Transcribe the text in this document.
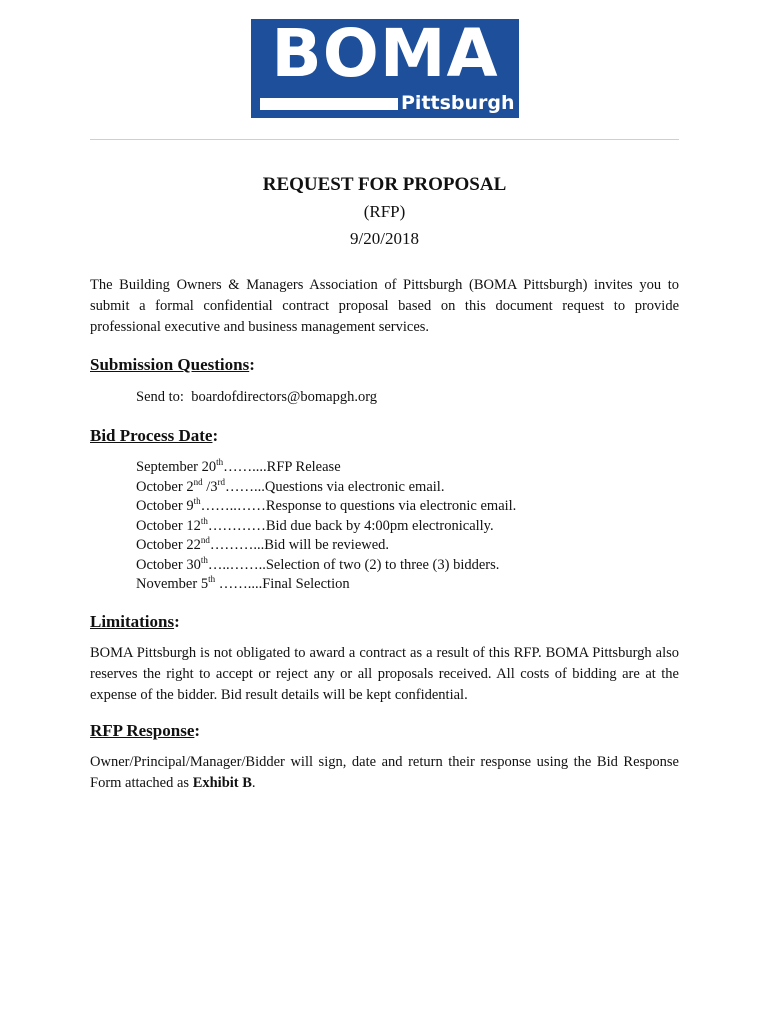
BOMA
Pittsburgh

REQUEST FOR PROPOSAL

(RFP)

9/20/2018

The Building Owners & Managers Association of Pittsburgh (BOMA Pittsburgh) invites you to submit a formal confidential contract proposal based on this document request to provide professional executive and business management services.

Submission Questions:

Send to: boardofdirectors@bomapgh.org

Bid Process Date:

September 20th……....RFP Release
October 2nd /3rd……...Questions via electronic email.
October 9th……..……Response to questions via electronic email.
October 12th…………Bid due back by 4:00pm electronically.
October 22nd………...Bid will be reviewed.
October 30th…..……..Selection of two (2) to three (3) bidders.
November 5th ……....Final Selection

Limitations:

BOMA Pittsburgh is not obligated to award a contract as a result of this RFP. BOMA Pittsburgh also reserves the right to accept or reject any or all proposals received. All costs of bidding are at the expense of the bidder. Bid result details will be kept confidential.

RFP Response:

Owner/Principal/Manager/Bidder will sign, date and return their response using the Bid Response Form attached as Exhibit B.
